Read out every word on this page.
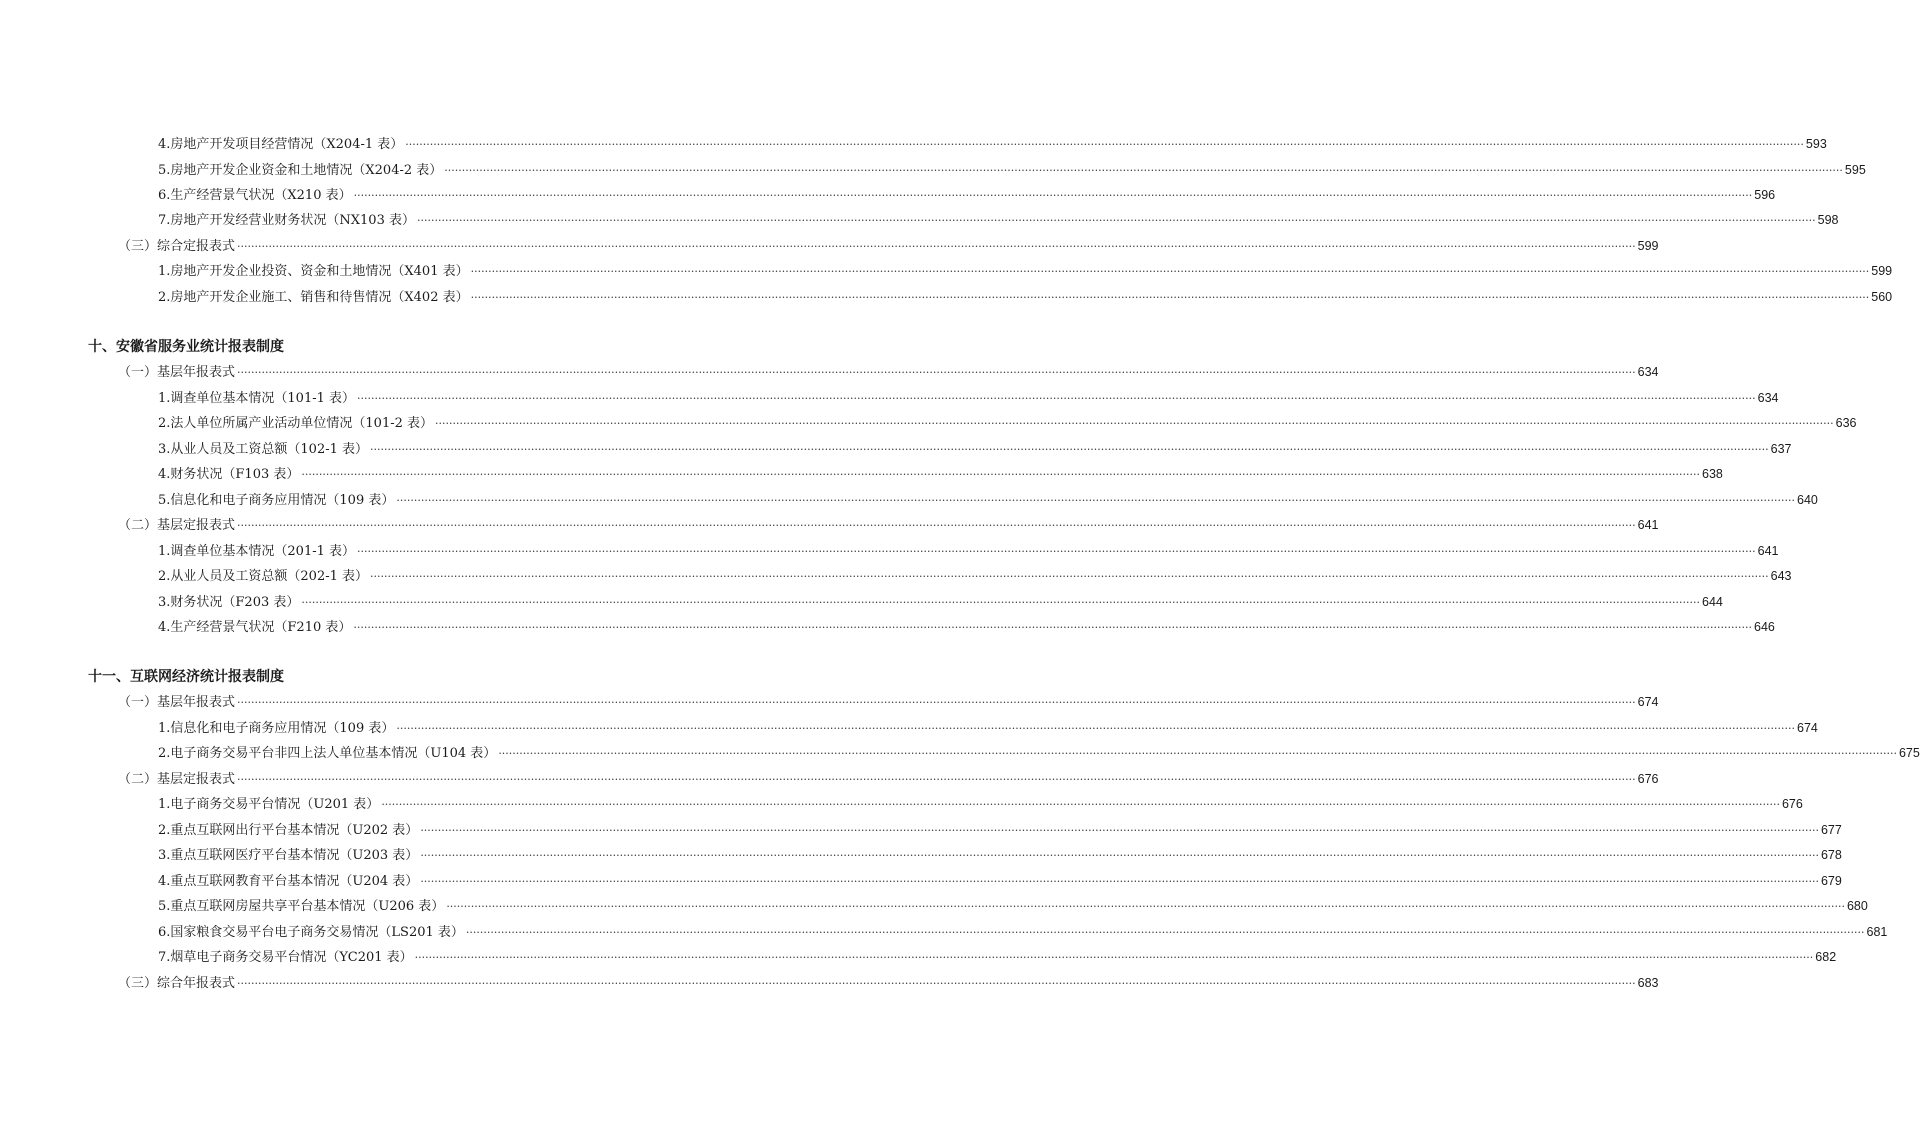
4.房地产开发项目经营情况（X204-1 表） ················································································································································································································································································································································································································ 593
5.房地产开发企业资金和土地情况（X204-2 表） ················································································································································································································································································································································································································ 595
6.生产经营景气状况（X210 表） ················································································································································································································································································································································································································ 596
7.房地产开发经营业财务状况（NX103 表） ················································································································································································································································································································································································································ 598
（三）综合定报表式 ················································································································································································································································································································································································································ 599
1.房地产开发企业投资、资金和土地情况（X401 表） ················································································································································································································································································································································································································ 599
2.房地产开发企业施工、销售和待售情况（X402 表） ················································································································································································································································································································································································································ 560
十、安徽省服务业统计报表制度
（一）基层年报表式 ················································································································································································································································································································································································································ 634
1.调查单位基本情况（101-1 表） ················································································································································································································································································································································································································ 634
2.法人单位所属产业活动单位情况（101-2 表） ················································································································································································································································································································································································································ 636
3.从业人员及工资总额（102-1 表） ················································································································································································································································································································································································································ 637
4.财务状况（F103 表） ················································································································································································································································································································································································································ 638
5.信息化和电子商务应用情况（109 表） ················································································································································································································································································································································································································ 640
（二）基层定报表式 ················································································································································································································································································································································································································ 641
1.调查单位基本情况（201-1 表） ················································································································································································································································································································································································································ 641
2.从业人员及工资总额（202-1 表） ················································································································································································································································································································································································································ 643
3.财务状况（F203 表） ················································································································································································································································································································································································································ 644
4.生产经营景气状况（F210 表） ················································································································································································································································································································································································································ 646
十一、互联网经济统计报表制度
（一）基层年报表式 ················································································································································································································································································································································································································ 674
1.信息化和电子商务应用情况（109 表） ················································································································································································································································································································································································································ 674
2.电子商务交易平台非四上法人单位基本情况（U104 表） ················································································································································································································································································································································································································ 675
（二）基层定报表式 ················································································································································································································································································································································································································ 676
1.电子商务交易平台情况（U201 表） ················································································································································································································································································································································································································ 676
2.重点互联网出行平台基本情况（U202 表） ················································································································································································································································································································································································································ 677
3.重点互联网医疗平台基本情况（U203 表） ················································································································································································································································································································································································································ 678
4.重点互联网教育平台基本情况（U204 表） ················································································································································································································································································································································································································ 679
5.重点互联网房屋共享平台基本情况（U206 表） ················································································································································································································································································································································································································ 680
6.国家粮食交易平台电子商务交易情况（LS201 表） ················································································································································································································································································································································································································ 681
7.烟草电子商务交易平台情况（YC201 表） ················································································································································································································································································································································································································ 682
（三）综合年报表式 ················································································································································································································································································································································································································ 683
